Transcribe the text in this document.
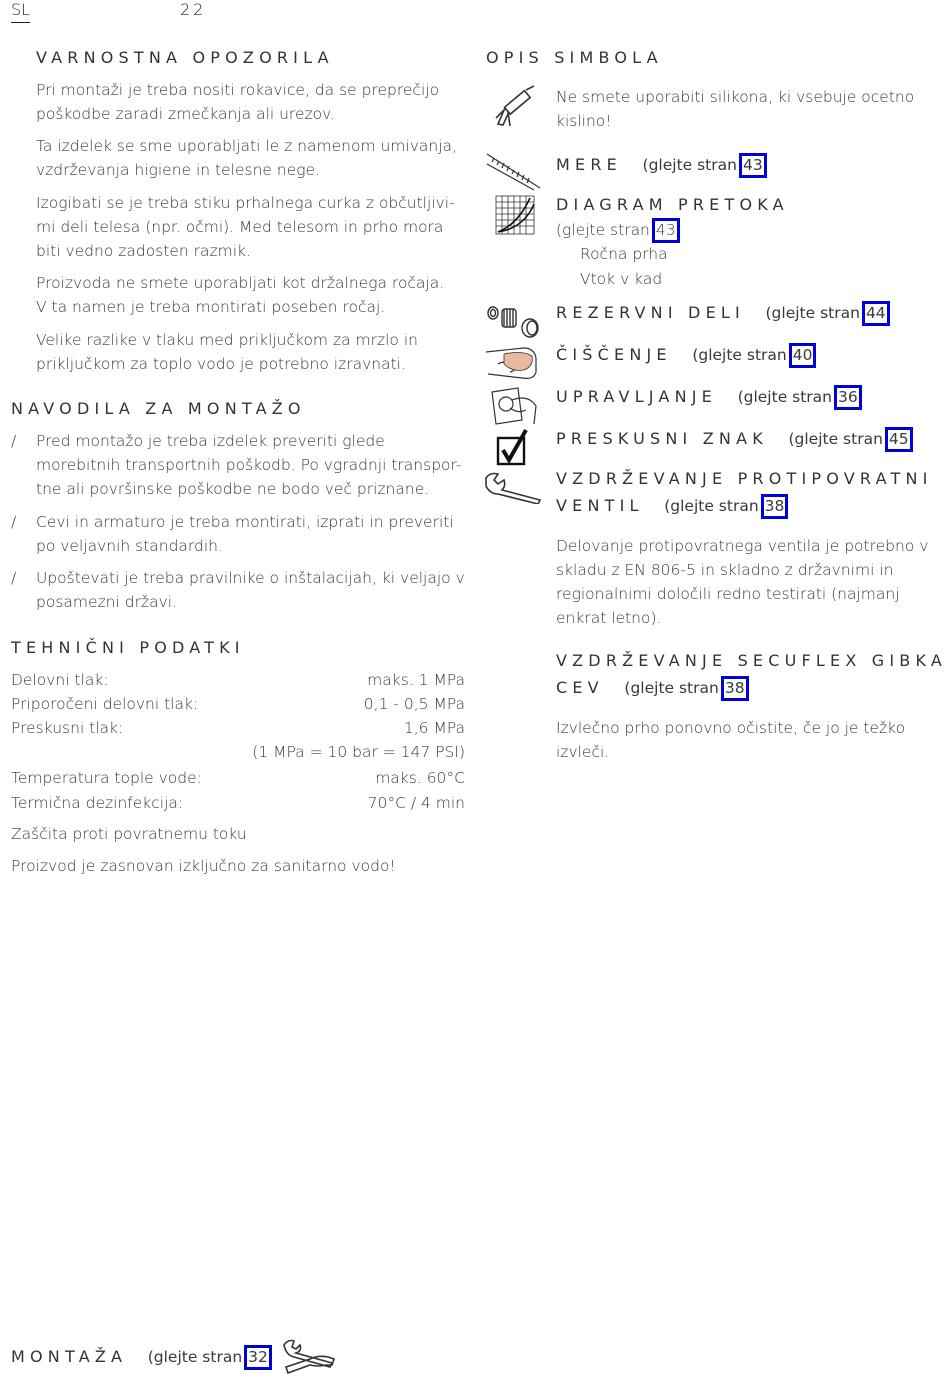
SL	22
VARNOSTNA OPOZORILA
Pri montaži je treba nositi rokavice, da se preprečijo
poškodbe zaradi zmečkanja ali urezov.
Ta izdelek se sme uporabljati le z namenom umivanja,
vzdrževanja higiene in telesne nege.
Izogibati se je treba stiku prhalnega curka z občutljivi-
mi deli telesa (npr. očmi). Med telesom in prho mora
biti vedno zadosten razmik.
Proizvoda ne smete uporabljati kot držalnega ročaja.
V ta namen je treba montirati poseben ročaj.
Velike razlike v tlaku med priključkom za mrzlo in
priključkom za toplo vodo je potrebno izravnati.
NAVODILA ZA MONTAŽO
/ Pred montažo je treba izdelek preveriti glede
morebitnih transportnih poškodb. Po vgradnji transpor-
tne ali površinske poškodbe ne bodo več priznane.
/ Cevi in armaturo je treba montirati, izprati in preveriti
po veljavnih standardih.
/ Upoštevati je treba pravilnike o inštalacijah, ki veljajo v
posamezni državi.
TEHNIČNI PODATKI
Delovni tlak:	maks. 1 MPa
Priporočeni delovni tlak:	0,1 - 0,5 MPa
Preskusni tlak:	1,6 MPa
(1 MPa = 10 bar = 147 PSI)
Temperatura tople vode:	maks. 60°C
Termična dezinfekcija:	70°C / 4 min
Zaščita proti povratnemu toku
Proizvod je zasnovan izključno za sanitarno vodo!
OPIS SIMBOLA
Ne smete uporabiti silikona, ki vsebuje ocetno
kislino!
MERE (glejte stran 43
DIAGRAM PRETOKA
(glejte stran 43
Ročna prha
Vtok v kad
REZERVNI DELI (glejte stran 44
ČIŠČENJE (glejte stran 40
UPRAVLJANJE (glejte stran 36
PRESKUSNI ZNAK (glejte stran 45
VZDRŽEVANJE PROTIPOVRATNI
VENTIL (glejte stran 38
Delovanje protipovratnega ventila je potrebno v
skladu z EN 806-5 in skladno z državnimi in
regionalnimi določili redno testirati (najmanj
enkrat letno).
VZDRŽEVANJE SECUFLEX GIBKA
CEV (glejte stran 38
Izvlečno prho ponovno očistite, če jo je težko
izvleči.
MONTAŽA (glejte stran 32
